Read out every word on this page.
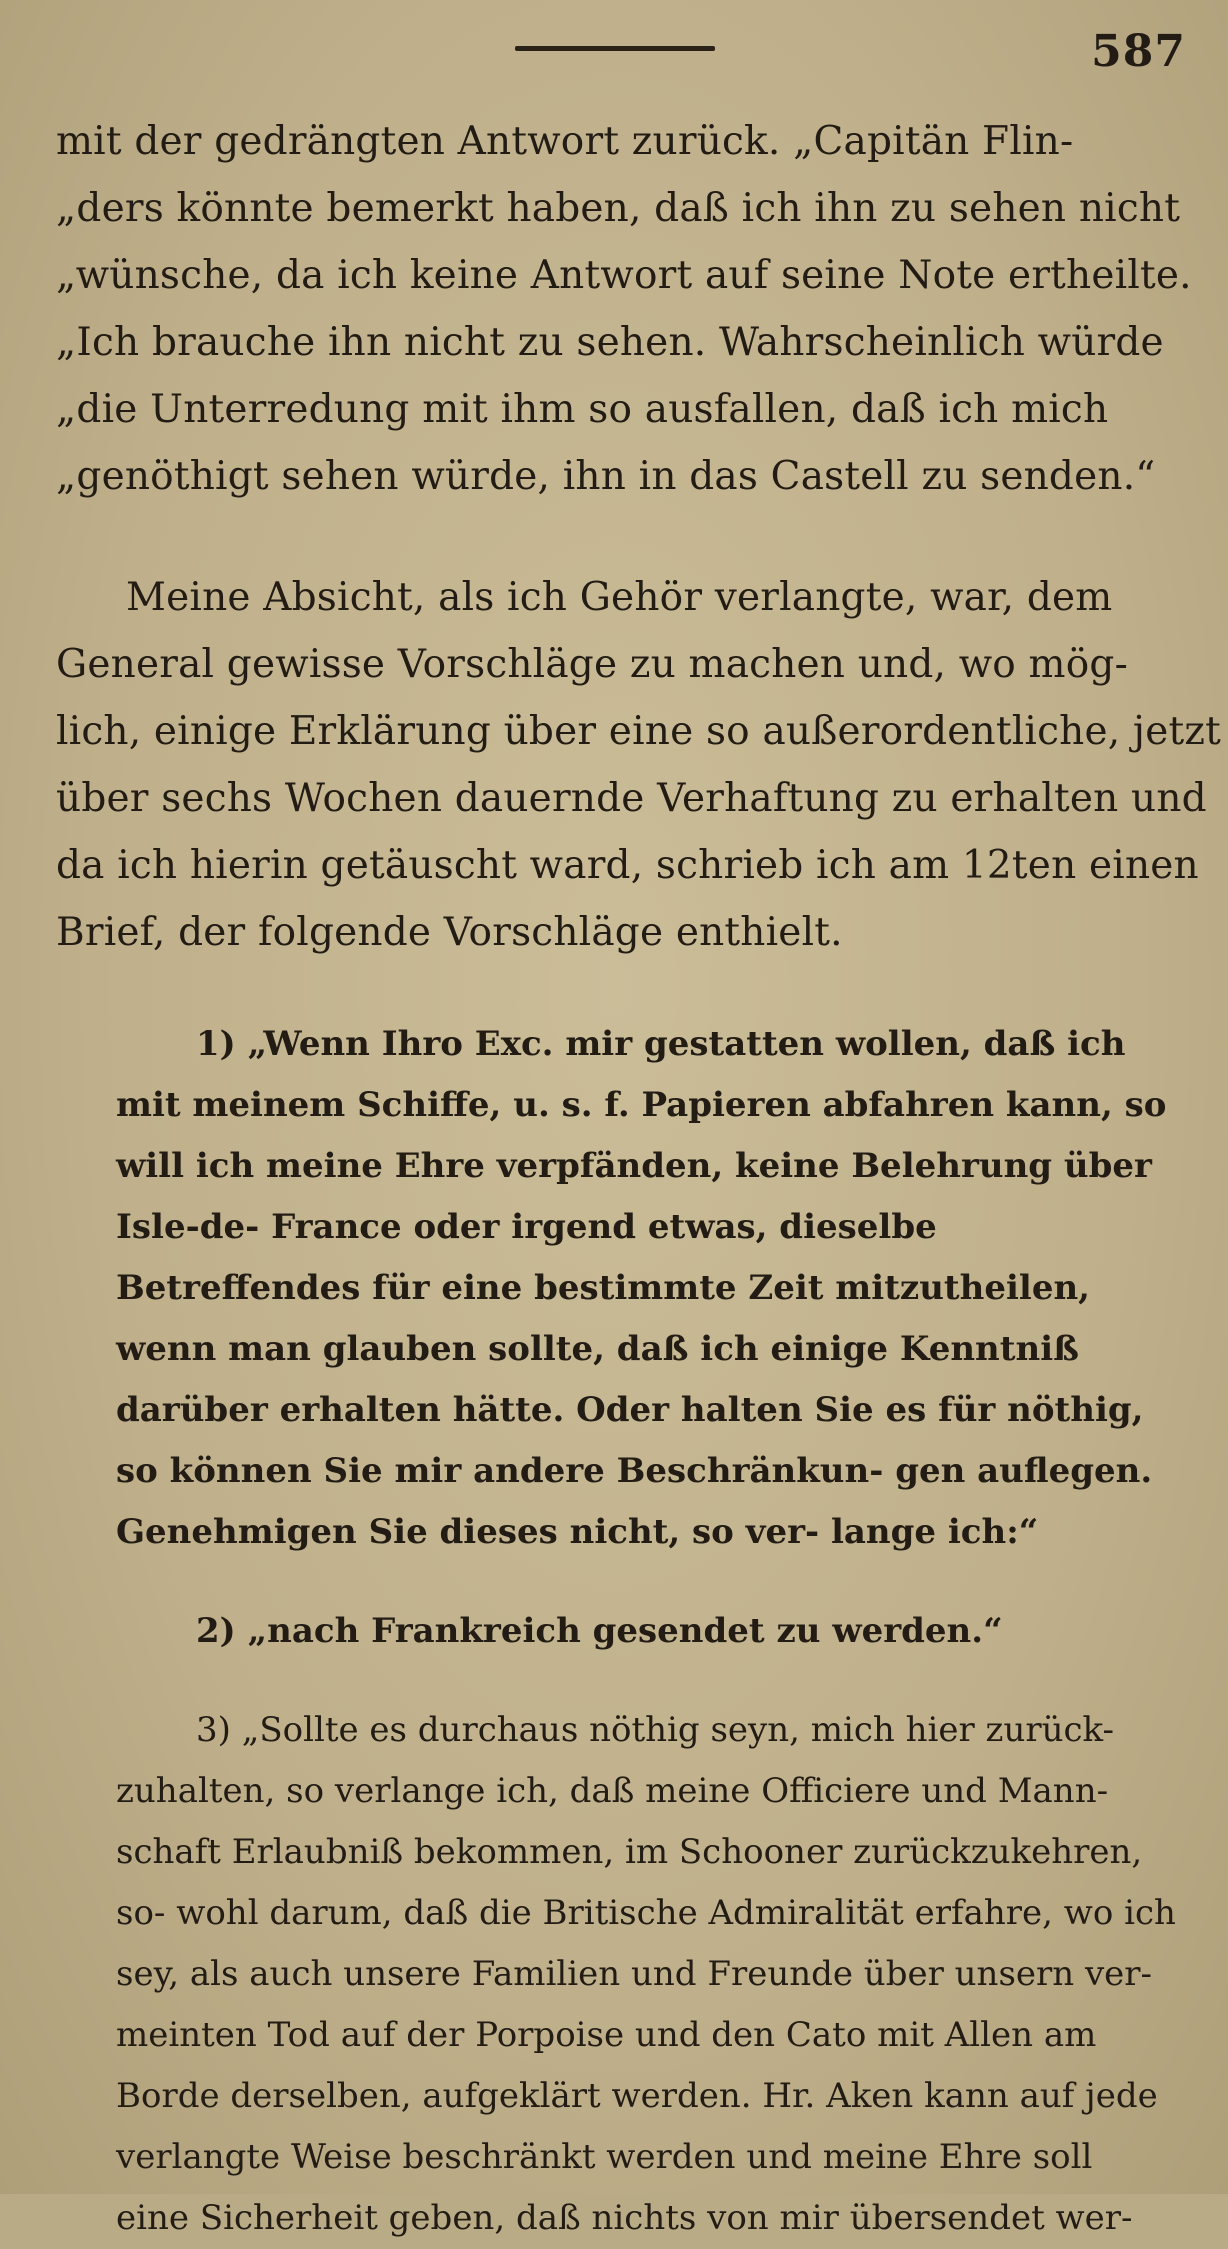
587
mit der gedrängten Antwort zurück. „Capitän Flin-
„ders könnte bemerkt haben, daß ich ihn zu sehen nicht
„wünsche, da ich keine Antwort auf seine Note ertheilte.
„Ich brauche ihn nicht zu sehen. Wahrscheinlich würde
„die Unterredung mit ihm so ausfallen, daß ich mich
„genöthigt sehen würde, ihn in das Castell zu senden.“
Meine Absicht, als ich Gehör verlangte, war, dem
General gewisse Vorschläge zu machen und, wo mög-
lich, einige Erklärung über eine so außerordentliche, jetzt
über sechs Wochen dauernde Verhaftung zu erhalten und
da ich hierin getäuscht ward, schrieb ich am 12ten einen
Brief, der folgende Vorschläge enthielt.
1) „Wenn Ihro Exc. mir gestatten wollen, daß ich mit meinem Schiffe, u. s. f. Papieren abfahren kann, so will ich meine Ehre verpfänden, keine Belehrung über Isle-de- France oder irgend etwas, dieselbe Betreffendes für eine bestimmte Zeit mitzutheilen, wenn man glauben sollte, daß ich einige Kenntniß darüber erhalten hätte. Oder halten Sie es für nöthig, so können Sie mir andere Beschränkun- gen auflegen. Genehmigen Sie dieses nicht, so ver- lange ich:“
2) „nach Frankreich gesendet zu werden.“
3) „Sollte es durchaus nöthig seyn, mich hier zurück- zuhalten, so verlange ich, daß meine Officiere und Mann- schaft Erlaubniß bekommen, im Schooner zurückzukehren, so- wohl darum, daß die Britische Admiralität erfahre, wo ich sey, als auch unsere Familien und Freunde über unsern ver- meinten Tod auf der Porpoise und den Cato mit Allen am Borde derselben, aufgeklärt werden. Hr. Aken kann auf jede verlangte Weise beschränkt werden und meine Ehre soll eine Sicherheit geben, daß nichts von mir übersendet wer-
